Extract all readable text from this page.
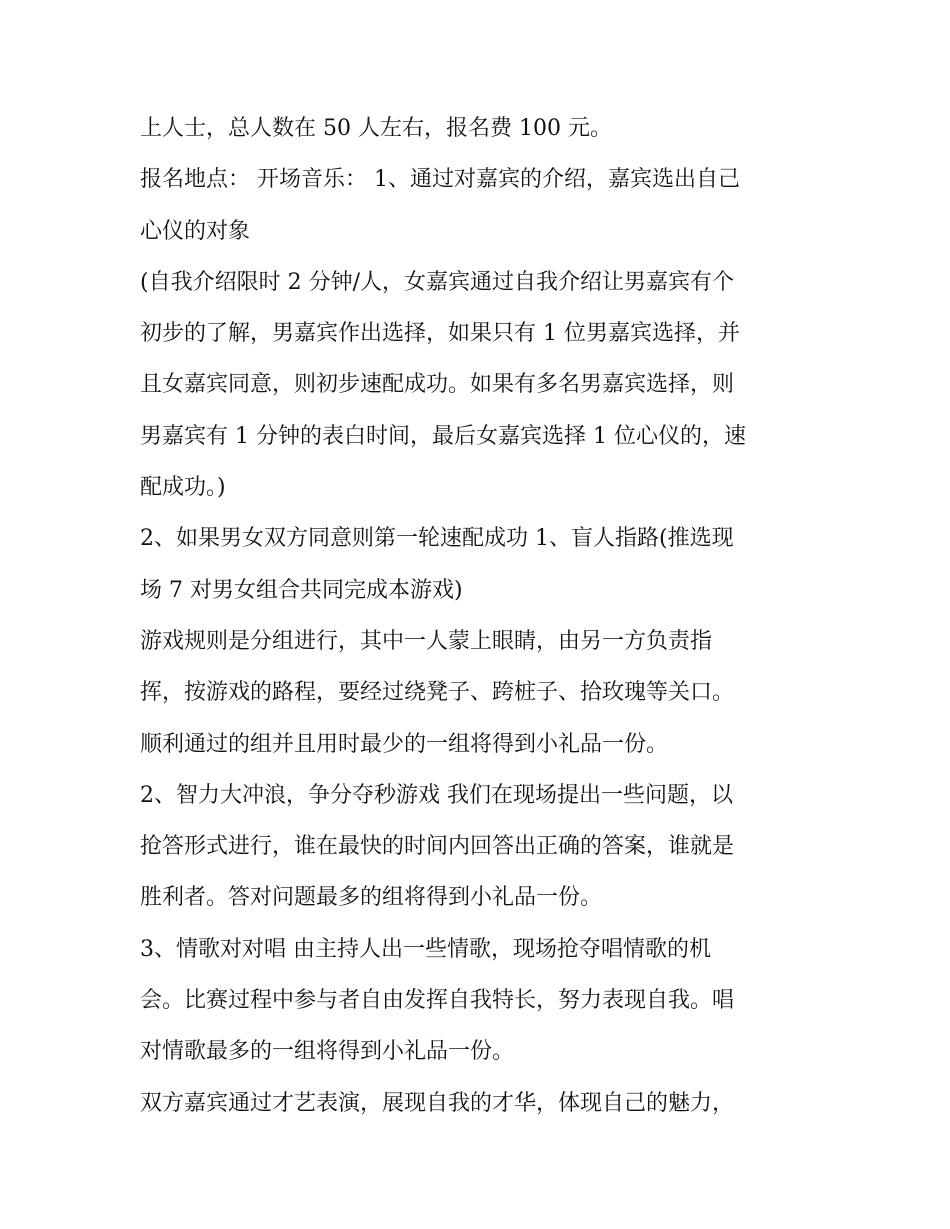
上人士，总人数在 50 人左右，报名费 100 元。
报名地点： 开场音乐： 1、通过对嘉宾的介绍，嘉宾选出自己
心仪的对象
(自我介绍限时 2 分钟/人，女嘉宾通过自我介绍让男嘉宾有个
初步的了解，男嘉宾作出选择，如果只有 1 位男嘉宾选择，并
且女嘉宾同意，则初步速配成功。如果有多名男嘉宾选择，则
男嘉宾有 1 分钟的表白时间，最后女嘉宾选择 1 位心仪的，速
配成功。)
2、如果男女双方同意则第一轮速配成功 1、盲人指路(推选现
场 7 对男女组合共同完成本游戏)
游戏规则是分组进行，其中一人蒙上眼睛，由另一方负责指
挥，按游戏的路程，要经过绕凳子、跨桩子、拾玫瑰等关口。
顺利通过的组并且用时最少的一组将得到小礼品一份。
2、智力大冲浪，争分夺秒游戏 我们在现场提出一些问题，以
抢答形式进行，谁在最快的时间内回答出正确的答案，谁就是
胜利者。答对问题最多的组将得到小礼品一份。
3、情歌对对唱 由主持人出一些情歌，现场抢夺唱情歌的机
会。比赛过程中参与者自由发挥自我特长，努力表现自我。唱
对情歌最多的一组将得到小礼品一份。
双方嘉宾通过才艺表演，展现自我的才华，体现自己的魅力，
